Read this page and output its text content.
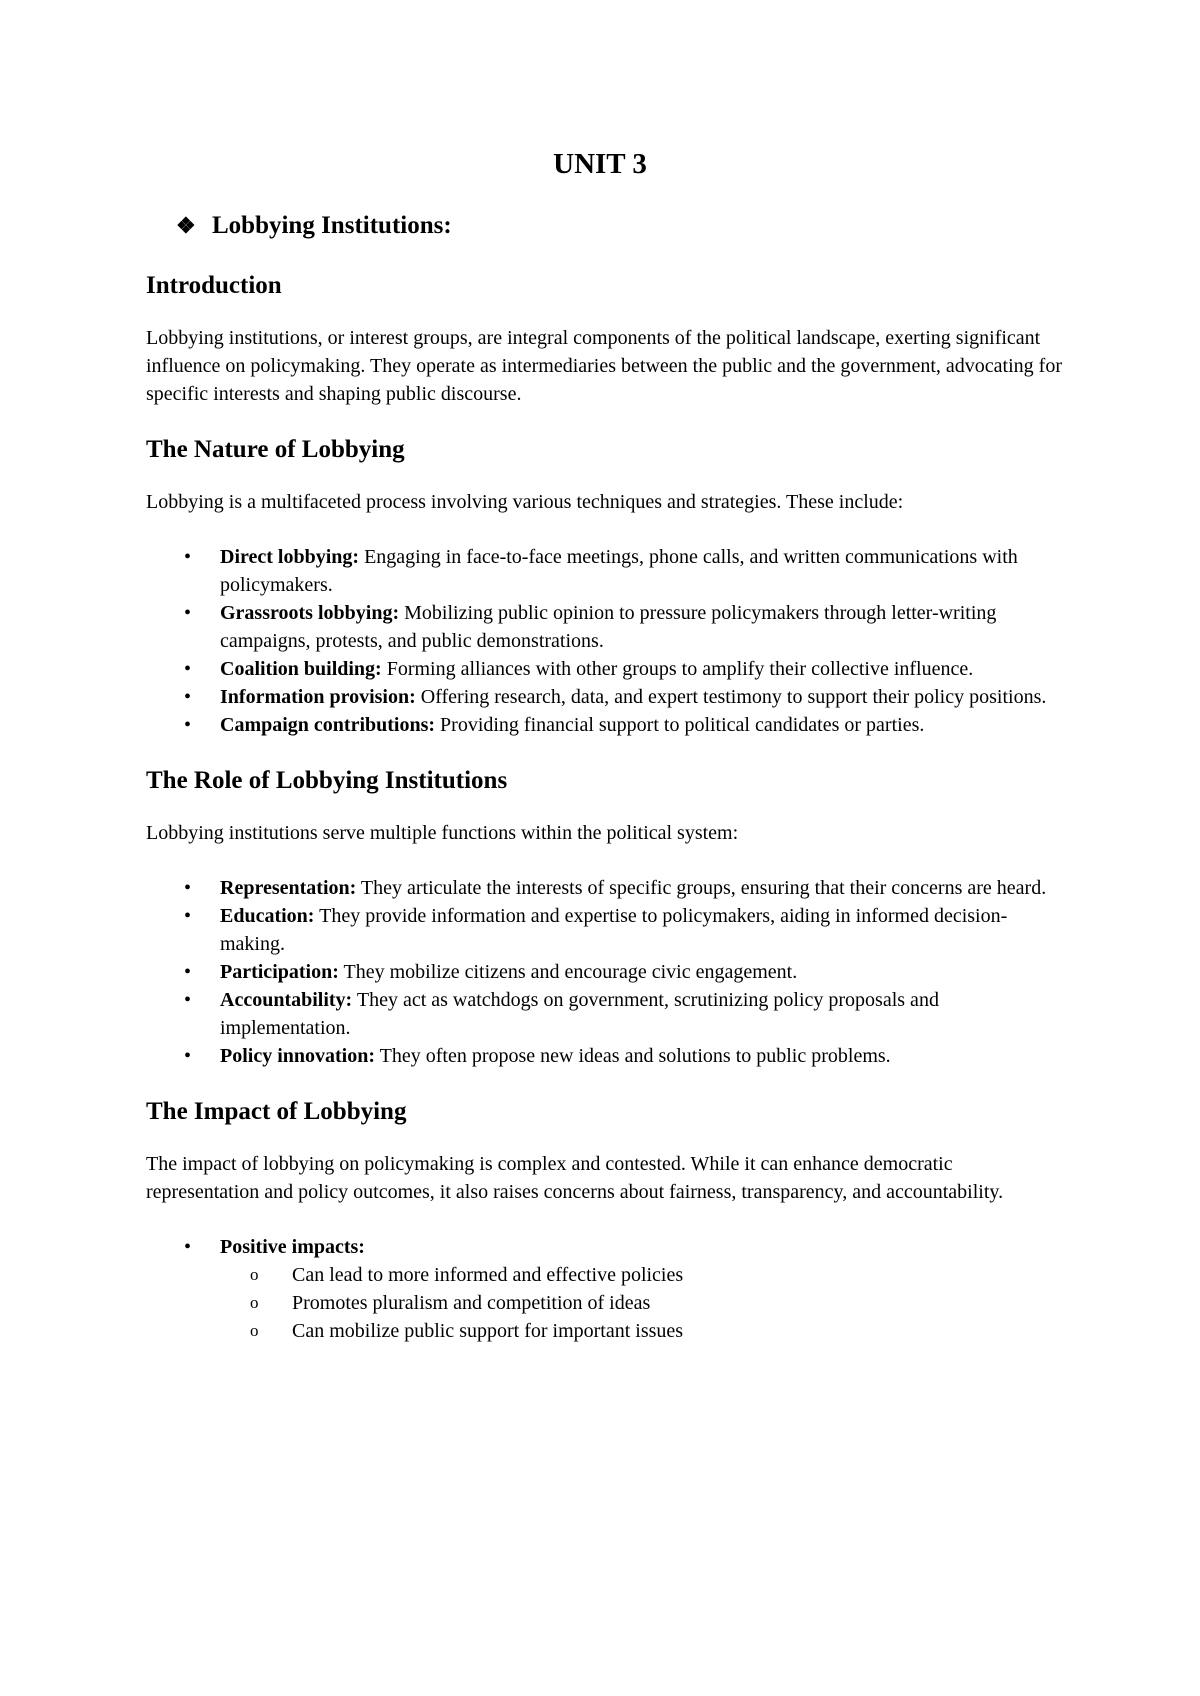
UNIT 3
❖ Lobbying Institutions:
Introduction

Lobbying institutions, or interest groups, are integral components of the political landscape, exerting significant influence on policymaking. They operate as intermediaries between the public and the government, advocating for specific interests and shaping public discourse.

The Nature of Lobbying

Lobbying is a multifaceted process involving various techniques and strategies. These include:

• Direct lobbying: Engaging in face-to-face meetings, phone calls, and written communications with policymakers.
• Grassroots lobbying: Mobilizing public opinion to pressure policymakers through letter-writing campaigns, protests, and public demonstrations.
• Coalition building: Forming alliances with other groups to amplify their collective influence.
• Information provision: Offering research, data, and expert testimony to support their policy positions.
• Campaign contributions: Providing financial support to political candidates or parties.
The Role of Lobbying Institutions

Lobbying institutions serve multiple functions within the political system:

• Representation: They articulate the interests of specific groups, ensuring that their concerns are heard.
• Education: They provide information and expertise to policymakers, aiding in informed decision-making.
• Participation: They mobilize citizens and encourage civic engagement.
• Accountability: They act as watchdogs on government, scrutinizing policy proposals and implementation.
• Policy innovation: They often propose new ideas and solutions to public problems.
The Impact of Lobbying

The impact of lobbying on policymaking is complex and contested. While it can enhance democratic representation and policy outcomes, it also raises concerns about fairness, transparency, and accountability.

• Positive impacts:
o Can lead to more informed and effective policies
o Promotes pluralism and competition of ideas
o Can mobilize public support for important issues
